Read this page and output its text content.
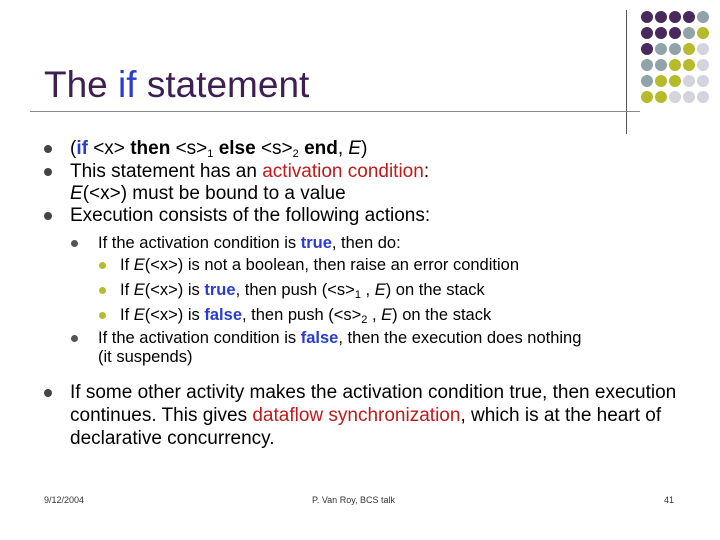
The if statement
(if <x> then $<s>_1$ else $<s>_2$ end, E)
This statement has an activation condition:
E(<x>) must be bound to a value
Execution consists of the following actions:
If the activation condition is true, then do:
If E(<x>) is not a boolean, then raise an error condition
If E(<x>) is true, then push ($<s>_1$ , E) on the stack
If E(<x>) is false, then push ($<s>_2$ , E) on the stack
If the activation condition is false, then the execution does nothing (it suspends)
If some other activity makes the activation condition true, then execution continues. This gives dataflow synchronization, which is at the heart of declarative concurrency.
9/12/2004	P. Van Roy, BCS talk	41
